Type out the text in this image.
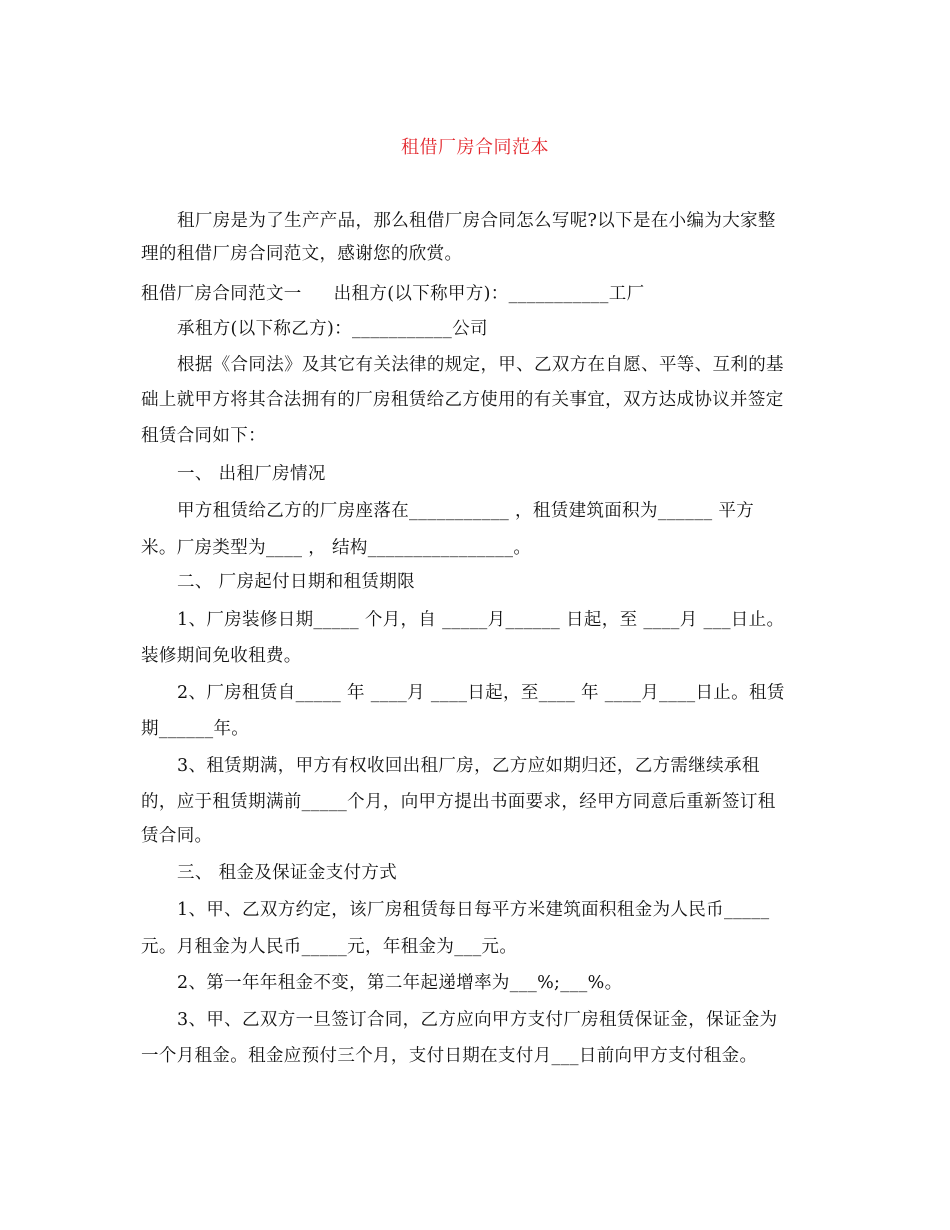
租借厂房合同范本
租厂房是为了生产产品，那么租借厂房合同怎么写呢?以下是在小编为大家整
理的租借厂房合同范文，感谢您的欣赏。
租借厂房合同范文一 出租方(以下称甲方)：___________工厂
承租方(以下称乙方)：___________公司
根据《合同法》及其它有关法律的规定，甲、乙双方在自愿、平等、互利的基
础上就甲方将其合法拥有的厂房租赁给乙方使用的有关事宜，双方达成协议并签定
租赁合同如下：
一、 出租厂房情况
甲方租赁给乙方的厂房座落在___________ ，租赁建筑面积为______ 平方
米。厂房类型为____ ， 结构________________。
二、 厂房起付日期和租赁期限
1、厂房装修日期_____ 个月，自 _____月______ 日起，至 ____月 ___日止。
装修期间免收租费。
2、厂房租赁自_____ 年 ____月 ____日起，至____ 年 ____月____日止。租赁
期______年。
3、租赁期满，甲方有权收回出租厂房，乙方应如期归还，乙方需继续承租
的，应于租赁期满前_____个月，向甲方提出书面要求，经甲方同意后重新签订租
赁合同。
三、 租金及保证金支付方式
1、甲、乙双方约定，该厂房租赁每日每平方米建筑面积租金为人民币_____
元。月租金为人民币_____元，年租金为___元。
2、第一年年租金不变，第二年起递增率为___%;___%。
3、甲、乙双方一旦签订合同，乙方应向甲方支付厂房租赁保证金，保证金为
一个月租金。租金应预付三个月，支付日期在支付月___日前向甲方支付租金。
